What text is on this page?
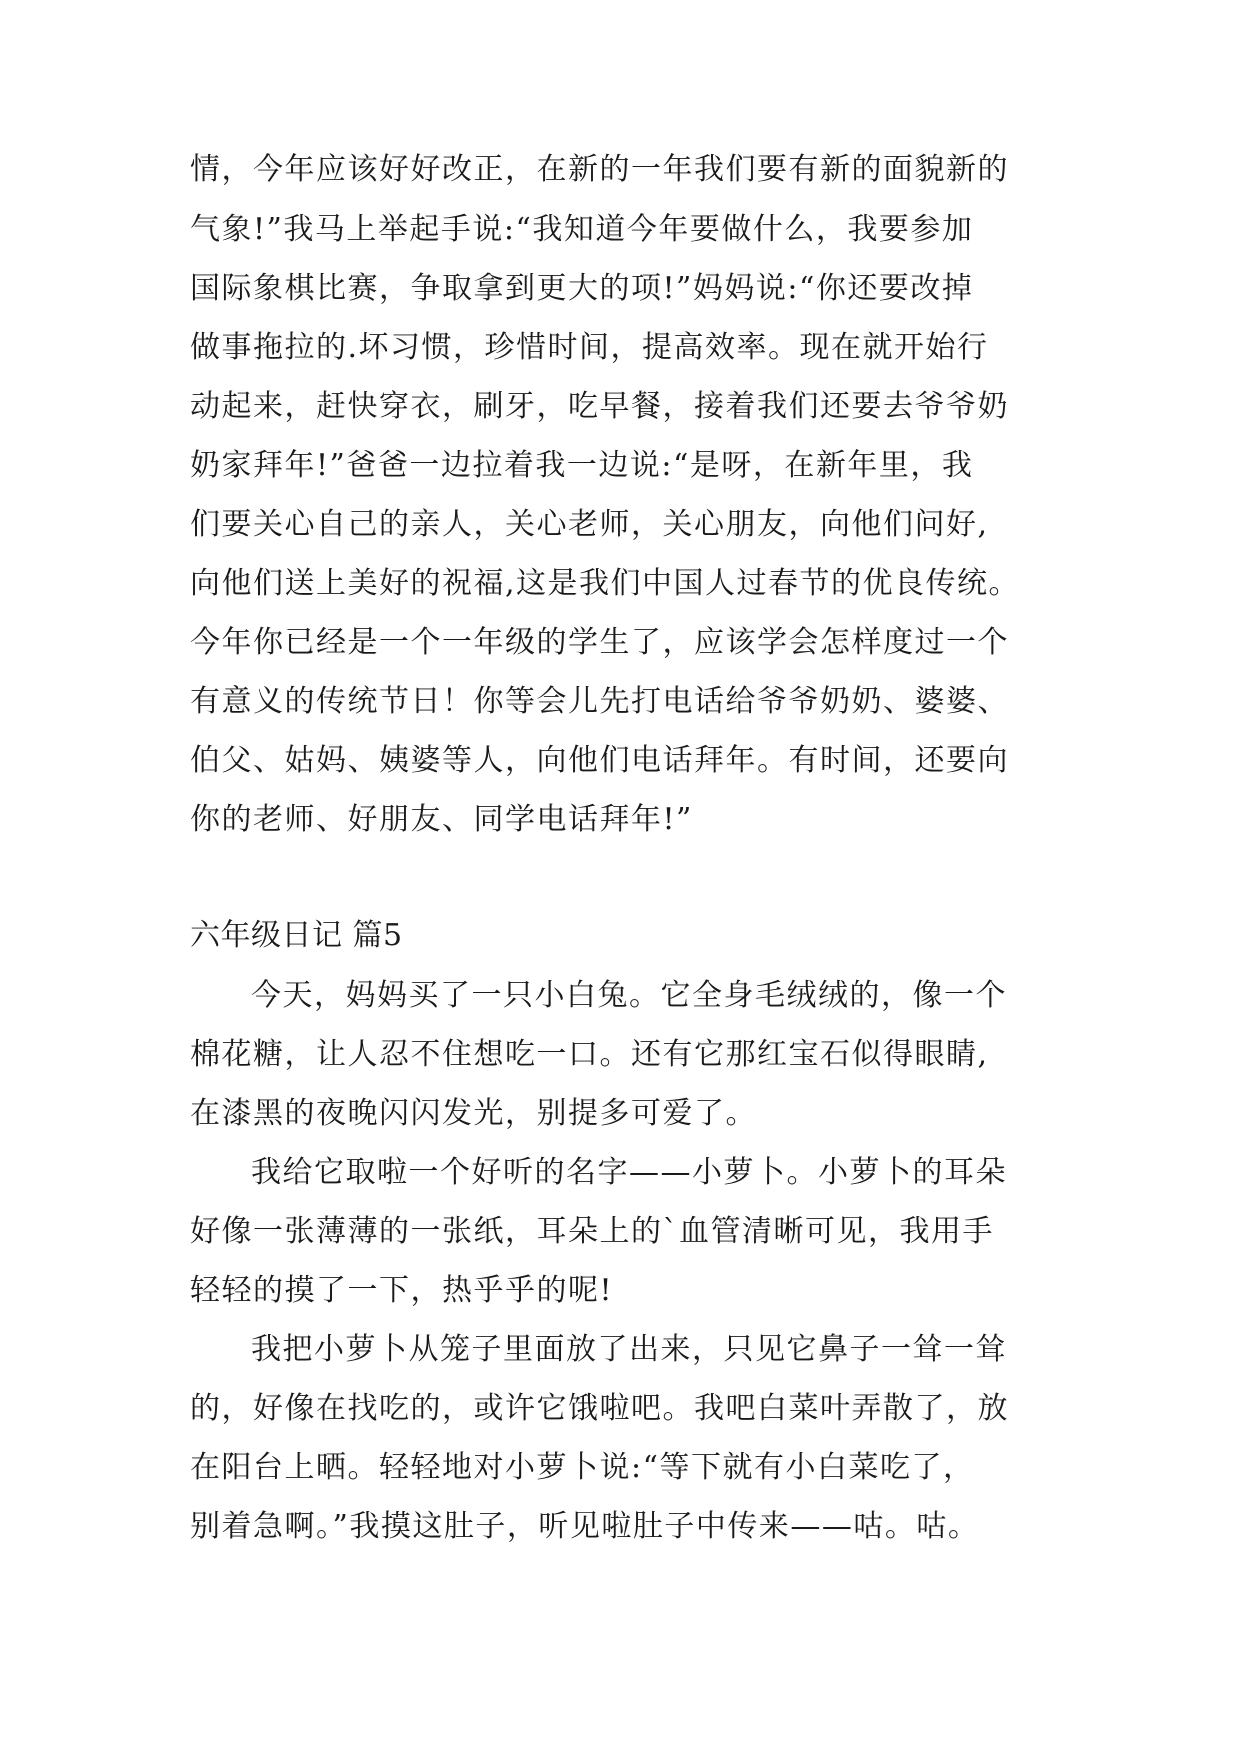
情，今年应该好好改正，在新的一年我们要有新的面貌新的
气象!”我马上举起手说:“我知道今年要做什么，我要参加
国际象棋比赛，争取拿到更大的项!”妈妈说:“你还要改掉
做事拖拉的.坏习惯，珍惜时间，提高效率。现在就开始行
动起来，赶快穿衣，刷牙，吃早餐，接着我们还要去爷爷奶
奶家拜年!”爸爸一边拉着我一边说:“是呀，在新年里，我
们要关心自己的亲人，关心老师，关心朋友，向他们问好,
向他们送上美好的祝福,这是我们中国人过春节的优良传统。
今年你已经是一个一年级的学生了，应该学会怎样度过一个
有意义的传统节日！你等会儿先打电话给爷爷奶奶、婆婆、
伯父、姑妈、姨婆等人，向他们电话拜年。有时间，还要向
你的老师、好朋友、同学电话拜年!”
六年级日记 篇5
今天，妈妈买了一只小白兔。它全身毛绒绒的，像一个
棉花糖，让人忍不住想吃一口。还有它那红宝石似得眼睛,
在漆黑的夜晚闪闪发光，别提多可爱了。
我给它取啦一个好听的名字——小萝卜。小萝卜的耳朵
好像一张薄薄的一张纸，耳朵上的`血管清晰可见，我用手
轻轻的摸了一下，热乎乎的呢!
我把小萝卜从笼子里面放了出来，只见它鼻子一耸一耸
的，好像在找吃的，或许它饿啦吧。我吧白菜叶弄散了，放
在阳台上晒。轻轻地对小萝卜说:“等下就有小白菜吃了，
别着急啊。”我摸这肚子，听见啦肚子中传来——咕。咕。
